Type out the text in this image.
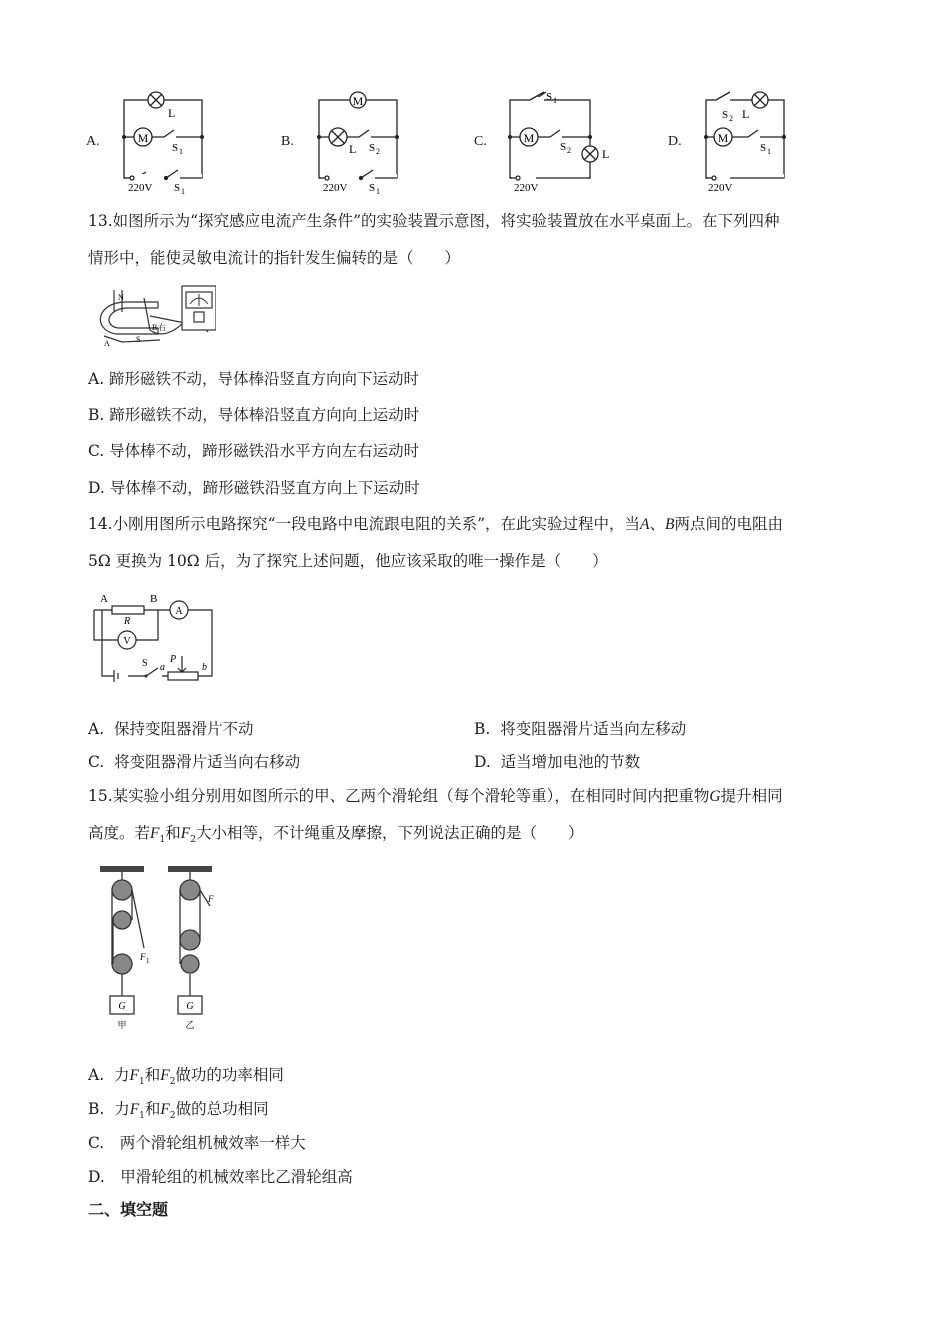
A.	M
L
S 1
S 1
220V
B.
M
L S 2
S 1
220V
C.	M
L
S 1
S 2
220V
D.	M
L
S 2
S 1
220V
13.如图所示为“探究感应电流产生条件”的实验装置示意图，将实验装置放在水平桌面上。在下列四种
情形中，能使灵敏电流计的指针发生偏转的是（　　）
N
S
A
B 右
A. 蹄形磁铁不动，导体棒沿竖直方向向下运动时
B. 蹄形磁铁不动，导体棒沿竖直方向向上运动时
C. 导体棒不动，蹄形磁铁沿水平方向左右运动时
D. 导体棒不动，蹄形磁铁沿竖直方向上下运动时
14.小刚用图所示电路探究“一段电路中电流跟电阻的关系”，在此实验过程中，当A、B两点间的电阻由
5Ω 更换为 10Ω 后，为了探究上述问题，他应该采取的唯一操作是（　　）
A	B
R
A
V
S P
a	b
A. 保持变阻器滑片不动	B. 将变阻器滑片适当向左移动
C. 将变阻器滑片适当向右移动	D. 适当增加电池的节数
15.某实验小组分别用如图所示的甲、乙两个滑轮组（每个滑轮等重），在相同时间内把重物G提升相同
高度。若$F_1$和$F_2$大小相等，不计绳重及摩擦，下列说法正确的是（　　）
F 1
F
G	G
甲	乙
A. 力$F_1$和$F_2$做功的功率相同
B. 力$F_1$和$F_2$做的总功相同
C.　两个滑轮组机械效率一样大
D.　甲滑轮组的机械效率比乙滑轮组高
二、填空题
